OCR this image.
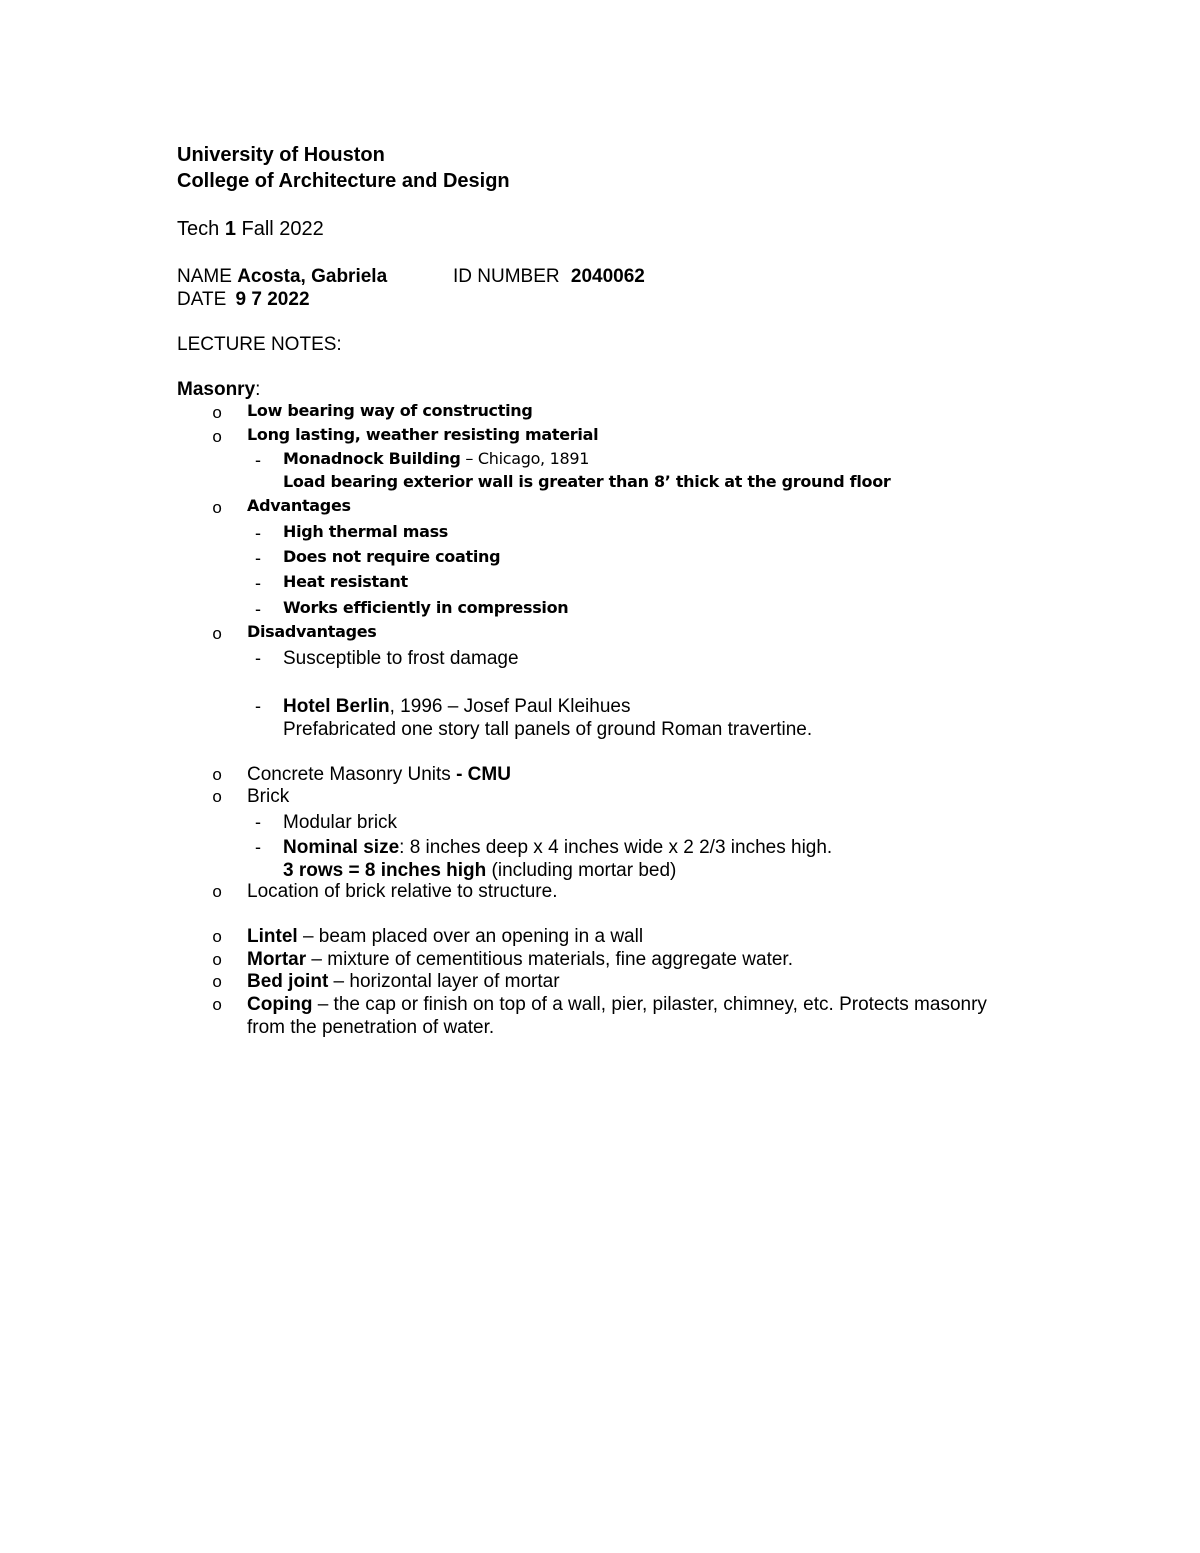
University of Houston
College of Architecture and Design
Tech 1 Fall 2022
NAME Acosta, Gabriela	ID NUMBER 2040062
DATE 9 7 2022
LECTURE NOTES:
Masonry:
o Low bearing way of constructing
o Long lasting, weather resisting material
- Monadnock Building – Chicago, 1891
Load bearing exterior wall is greater than 8’ thick at the ground floor
o Advantages
- High thermal mass
- Does not require coating
- Heat resistant
- Works efficiently in compression
o Disadvantages
- Susceptible to frost damage
- Hotel Berlin, 1996 – Josef Paul Kleihues
Prefabricated one story tall panels of ground Roman travertine.
o Concrete Masonry Units - CMU
o Brick
- Modular brick
- Nominal size: 8 inches deep x 4 inches wide x 2 2/3 inches high.
3 rows = 8 inches high (including mortar bed)
o Location of brick relative to structure.
o Lintel – beam placed over an opening in a wall
o Mortar – mixture of cementitious materials, fine aggregate water.
o Bed joint – horizontal layer of mortar
o Coping – the cap or finish on top of a wall, pier, pilaster, chimney, etc. Protects masonry
from the penetration of water.
